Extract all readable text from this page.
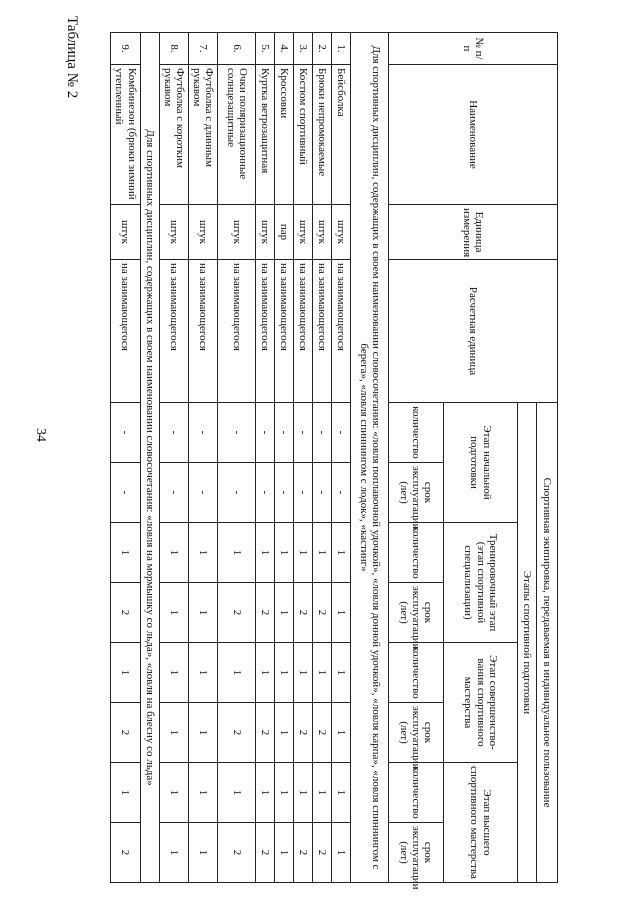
34
Таблица № 2	№ п/п	Наименование	Единица измерения	Расчетная единица	Спортивная экипировка, передаваемая в индивидуальное пользование							
				Этапы спортивной подготовки							
				Этап начальной подготовки		Тренировочный этап (этап спортивной специализации)		Этап совершенство-вания спортивного мастерства		Этап высшего спортивного мастерства	
				количество	срок эксплуатации (лет)	количество	срок эксплуатации (лет)	количество	срок эксплуатации (лет)	количество	срок эксплуатации (лет)
Для спортивных дисциплин, содержащих в своем наименовании словосочетания: «ловля поплавочной удочкой», «ловля донной удочкой», «ловля карпа», «ловля спиннингом с берега», «ловля спиннингом с лодок», «кастинг»											
1.	Бейсболка	штук	на занимающегося	-	-	1	1	1	1	1	1
2.	Брюки непромокаемые	штук	на занимающегося	-	-	1	2	1	2	1	2
3.	Костюм спортивный	штук	на занимающегося	-	-	1	2	1	2	1	2
4.	Кроссовки	пар	на занимающегося	-	-	1	1	1	1	1	1
5.	Куртка ветрозащитная	штук	на занимающегося	-	-	1	2	1	2	1	2
6.	Очки поляризационные солнцезащитные	штук	на занимающегося	-	-	1	2	1	2	1	2
7.	Футболка с длинным рукавом	штук	на занимающегося	-	-	1	1	1	1	1	1
8.	Футболка с коротким рукавом	штук	на занимающегося	-	-	1	1	1	1	1	1
Для спортивных дисциплин, содержащих в своем наименовании словосочетания: «ловля на мормышку со льда», «ловля на блесну со льда»											
9.	Комбинезон (брюки зимний утепленный	штук	на занимающегося	-	-	1	2	1	2	1	2
